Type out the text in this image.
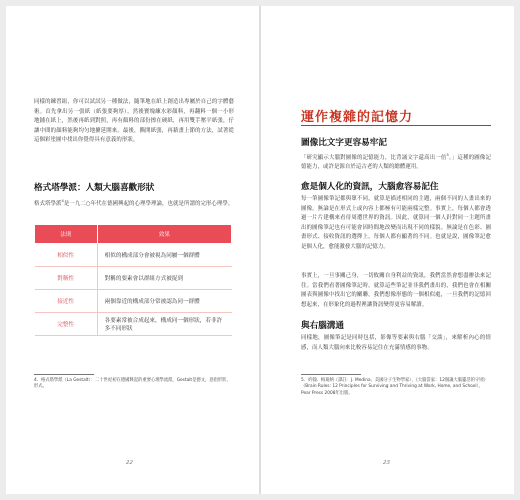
同樣的練習組，你可以試試另一種做法，隨筆地在紙上創造出專屬於自己的字體藝術。首先拿出另一張紙（紙張要夠厚），然後寶塊練水彩顏料，再翻料一個一小形地鋪在紙上，然後再紙到對照，再有顏料的部份擦在硬紙，再用雙手壓平紙張，仔讓中間的顏料能夠均匀地擴延開來。最後，撕開紙張，再藉畫上節的方法，試著從這個彩塗圖中找出你覺得具有意義的形狀。
格式塔學派：人類大腦喜歡形狀
格式塔學派$^4$是一九二○年代在德國興起的心理學理論，也就是所謂的完形心理學。
法則	效果
相似性	相似的構成部分會被視為同屬一個群體
對稱性	對稱的要素會以群組方式被捉到
接近性	兩個靠近的構成部分常被認為同一群體
完整性	各要素常被合成起來，構成同一個形狀，若非許多不同形狀
4．格式塔學派（La Gestalt）：二十世紀初在德國興起的重要心理學流派，Gestalt是德文，意指形狀、形式。
22
運作複雜的記憶力
圖像比文字更容易牢記
「研究顯示大腦對圖像的記憶能力，比背誦文字還高出一倍$^5$。」這種的圖像記憶能力，或許是源自於這古老的人類的總體運用。
愈是個人化的資訊，大腦愈容易記住
每一筆圖像筆記都與眾不同，就算是描述相同的主題，兩個不同的人畫出來的圖像，無論是在形式上或內容上都極有可能兩樣完整。事實上，每個人都會透過一片片建構來看待周遭世界的資訊。因此，就算同一個人針對同一主題所畫出的圖像筆記也有可能會因時間地改變而出現不同的樣貌。無論是在色彩、圖畫形式、接收資訊的選擇上，每個人都有顯著的不同。也就是說，圖像筆記愈是個人化，愈能激發大腦的記憶力。
事實上，一旦事關己身，一切攸關自身利益的資訊，我們當然會想盡辦法來記住。當我們看著圖像筆記時，就算這些筆記並非我們畫出的，我們也會在相關圖表與圖像中找出它的關聯，我們想像形態的一個相似處，一旦我們的記憶回想起來，在形象化的過程裡讓資訊變得更容易解讀。
與右腦溝通
同樣地，圖像筆記是同時包括，影像等要素與右腦「交談」，來解析內心的情感，而人類大腦向來比較容易記住在充滿情感的事物。
5．約翰．梅迪納（譯註：J. Medina，美國分子生物學家），《大腦當家：12個讓大腦靈活的守則》（Brain Rules: 12 Principles for Surviving and Thriving at Work, Home, and School），Pear Press 2008年出版。
23
